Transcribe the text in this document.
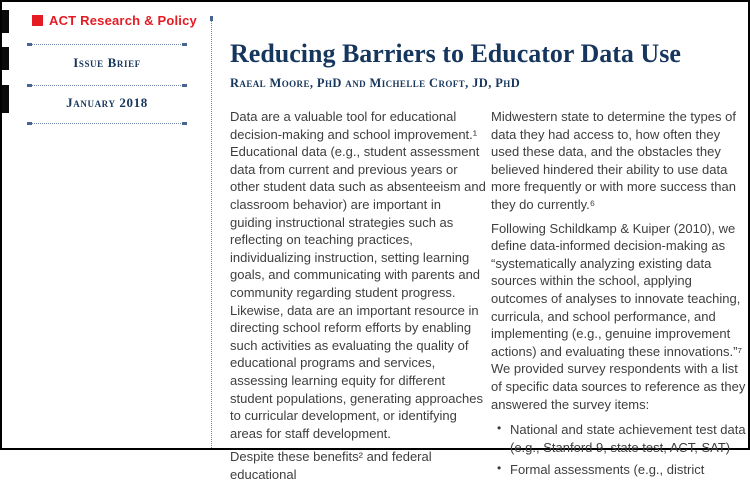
ACT Research & Policy
Issue Brief
January 2018
Reducing Barriers to Educator Data Use
Raeal Moore, PhD and Michelle Croft, JD, PhD

Data are a valuable tool for educational decision-making and school improvement.¹ Educational data (e.g., student assessment data from current and previous years or other student data such as absenteeism and classroom behavior) are important in guiding instructional strategies such as reflecting on teaching practices, individualizing instruction, setting learning goals, and communicating with parents and community regarding student progress. Likewise, data are an important resource in directing school reform efforts by enabling such activities as evaluating the quality of educational programs and services, assessing learning equity for different student populations, generating approaches to curricular development, or identifying areas for staff development.

Despite these benefits² and federal educational

Midwestern state to determine the types of data they had access to, how often they used these data, and the obstacles they believed hindered their ability to use data more frequently or with more success than they do currently.⁶

Following Schildkamp & Kuiper (2010), we define data-informed decision-making as “systematically analyzing existing data sources within the school, applying outcomes of analyses to innovate teaching, curricula, and school performance, and implementing (e.g., genuine improvement actions) and evaluating these innovations.”⁷ We provided survey respondents with a list of specific data sources to reference as they answered the survey items:

• National and state achievement test data (e.g., Stanford 9, state test, ACT, SAT)
• Formal assessments (e.g., district
